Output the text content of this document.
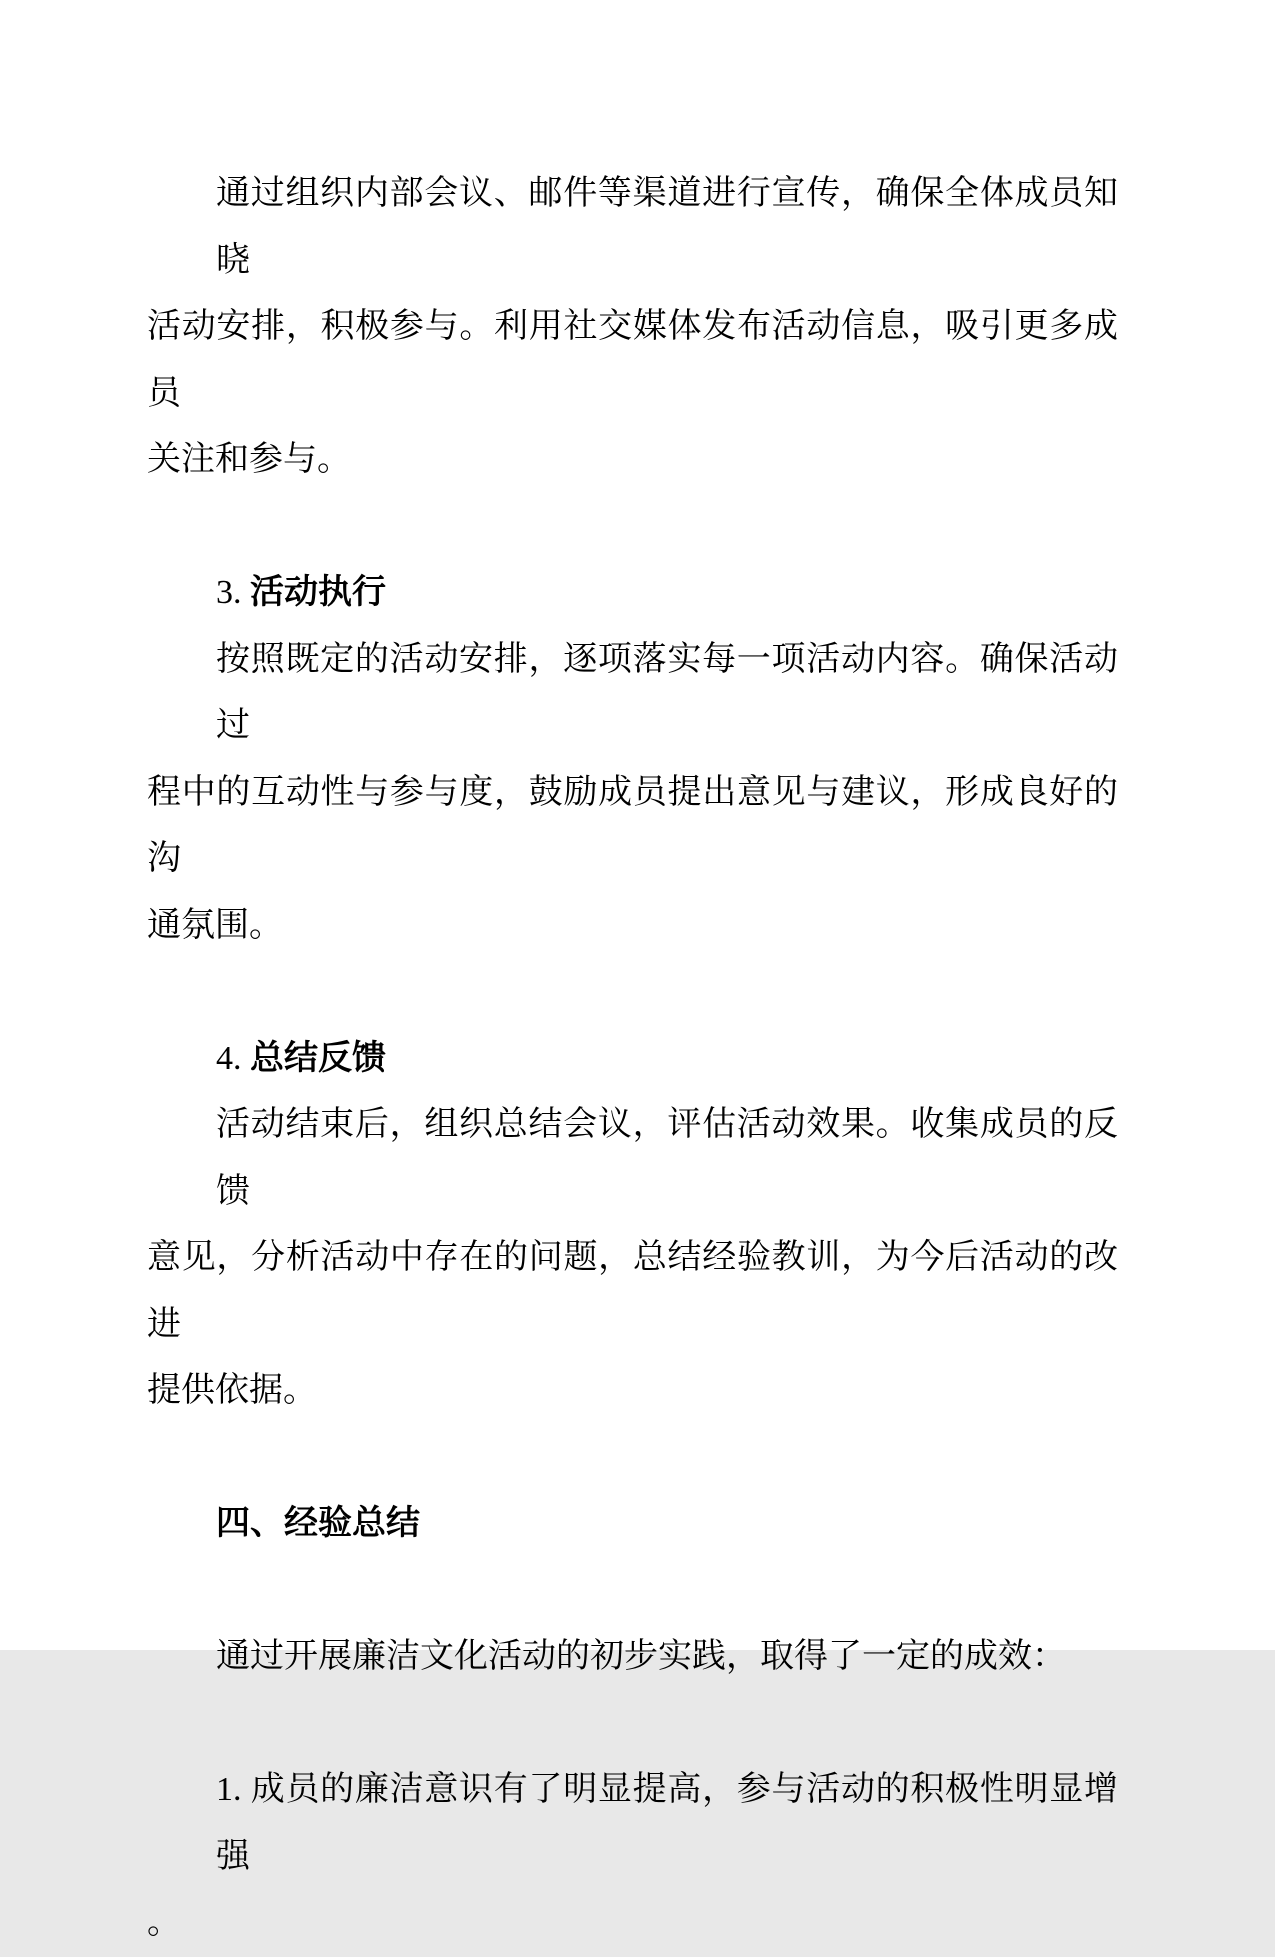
通过组织内部会议、邮件等渠道进行宣传，确保全体成员知晓
活动安排，积极参与。利用社交媒体发布活动信息，吸引更多成员
关注和参与。
3. 活动执行
按照既定的活动安排，逐项落实每一项活动内容。确保活动过
程中的互动性与参与度，鼓励成员提出意见与建议，形成良好的沟
通氛围。
4. 总结反馈
活动结束后，组织总结会议，评估活动效果。收集成员的反馈
意见，分析活动中存在的问题，总结经验教训，为今后活动的改进
提供依据。
四、经验总结
通过开展廉洁文化活动的初步实践，取得了一定的成效：
1. 成员的廉洁意识有了明显提高，参与活动的积极性明显增强
。
